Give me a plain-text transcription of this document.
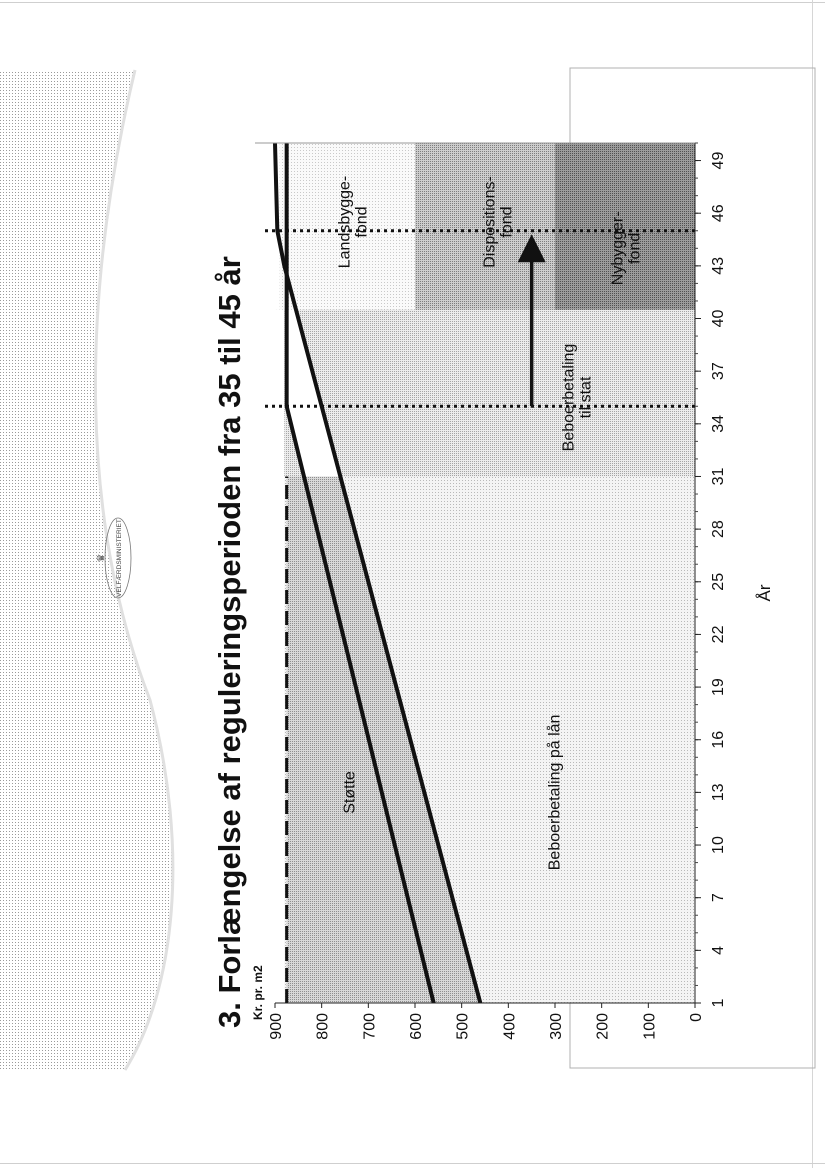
3. Forlængelse af reguleringsperioden fra 35 til 45 år
♛ VELFÆRDSMINISTERIET
0
100
200
300
400
500
600
700
800
900
1
4
7
10
13
16
19
22
25
28
31
34
37
40
43
46
49
Støtte	Beboerbetaling på lån
Beboerbetalingtil stat
Landsbygge-fond	Dispositions-fond	Nybygger-fond
Kr. pr. m2
År
